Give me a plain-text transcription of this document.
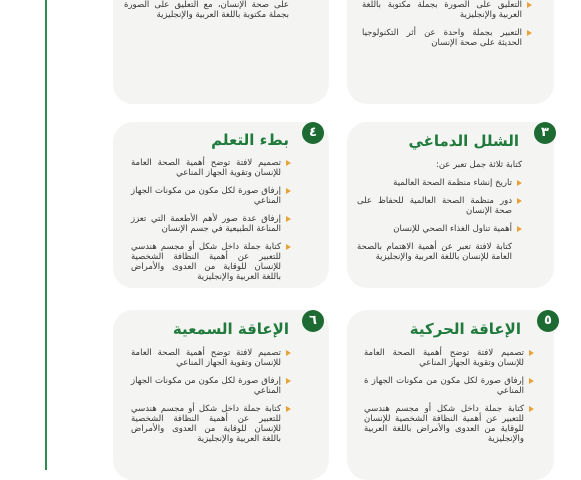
على صحة الإنسان، مع التعليق على الصورة بجملة مكتوبة باللغة العربية والإنجليزية
التعليق على الصورة بجملة مكتوبة باللغة العربية والإنجليزية
التعبير بجملة واحدة عن أثر التكنولوجيا الحديثة على صحة الإنسان
بطء التعلم
تصميم لافتة توضح أهمية الصحة العامة للإنسان وتقوية الجهاز المناعي
إرفاق صورة لكل مكون من مكونات الجهاز المناعي
إرفاق عدة صور لأهم الأطعمة التي تعزز المناعة الطبيعية في جسم الإنسان
كتابة جملة داخل شكل أو مجسم هندسي للتعبير عن أهمية النظافة الشخصية للإنسان للوقاية من العدوى والأمراض باللغة العربية والإنجليزية
٤	الشلل الدماغي
كتابة ثلاثة جمل تعبر عن:
تاريخ إنشاء منظمة الصحة العالمية
دور منظمة الصحة العالمية للحفاظ على صحة الإنسان
أهمية تناول الغذاء الصحي للإنسان
كتابة لافتة تعبر عن أهمية الاهتمام بالصحة العامة للإنسان باللغة العربية والإنجليزية
٣
الإعاقة السمعية
تصميم لافتة توضح أهمية الصحة العامة للإنسان وتقوية الجهاز المناعي
إرفاق صورة لكل مكون من مكونات الجهاز المناعي
كتابة جملة داخل شكل أو مجسم هندسي للتعبير عن أهمية النظافة الشخصية للإنسان للوقاية من العدوى والأمراض باللغة العربية والإنجليزية
٦	الإعاقة الحركية
تصميم لافتة توضح أهمية الصحة العامة للإنسان وتقوية الجهاز المناعي
إرفاق صورة لكل مكون من مكونات الجهاز ة المناعي
كتابة جملة داخل شكل أو مجسم هندسي للتعبير عن أهمية النظافة الشخصية للإنسان للوقاية من العدوى والأمراض باللغة العربية والإنجليزية
٥
